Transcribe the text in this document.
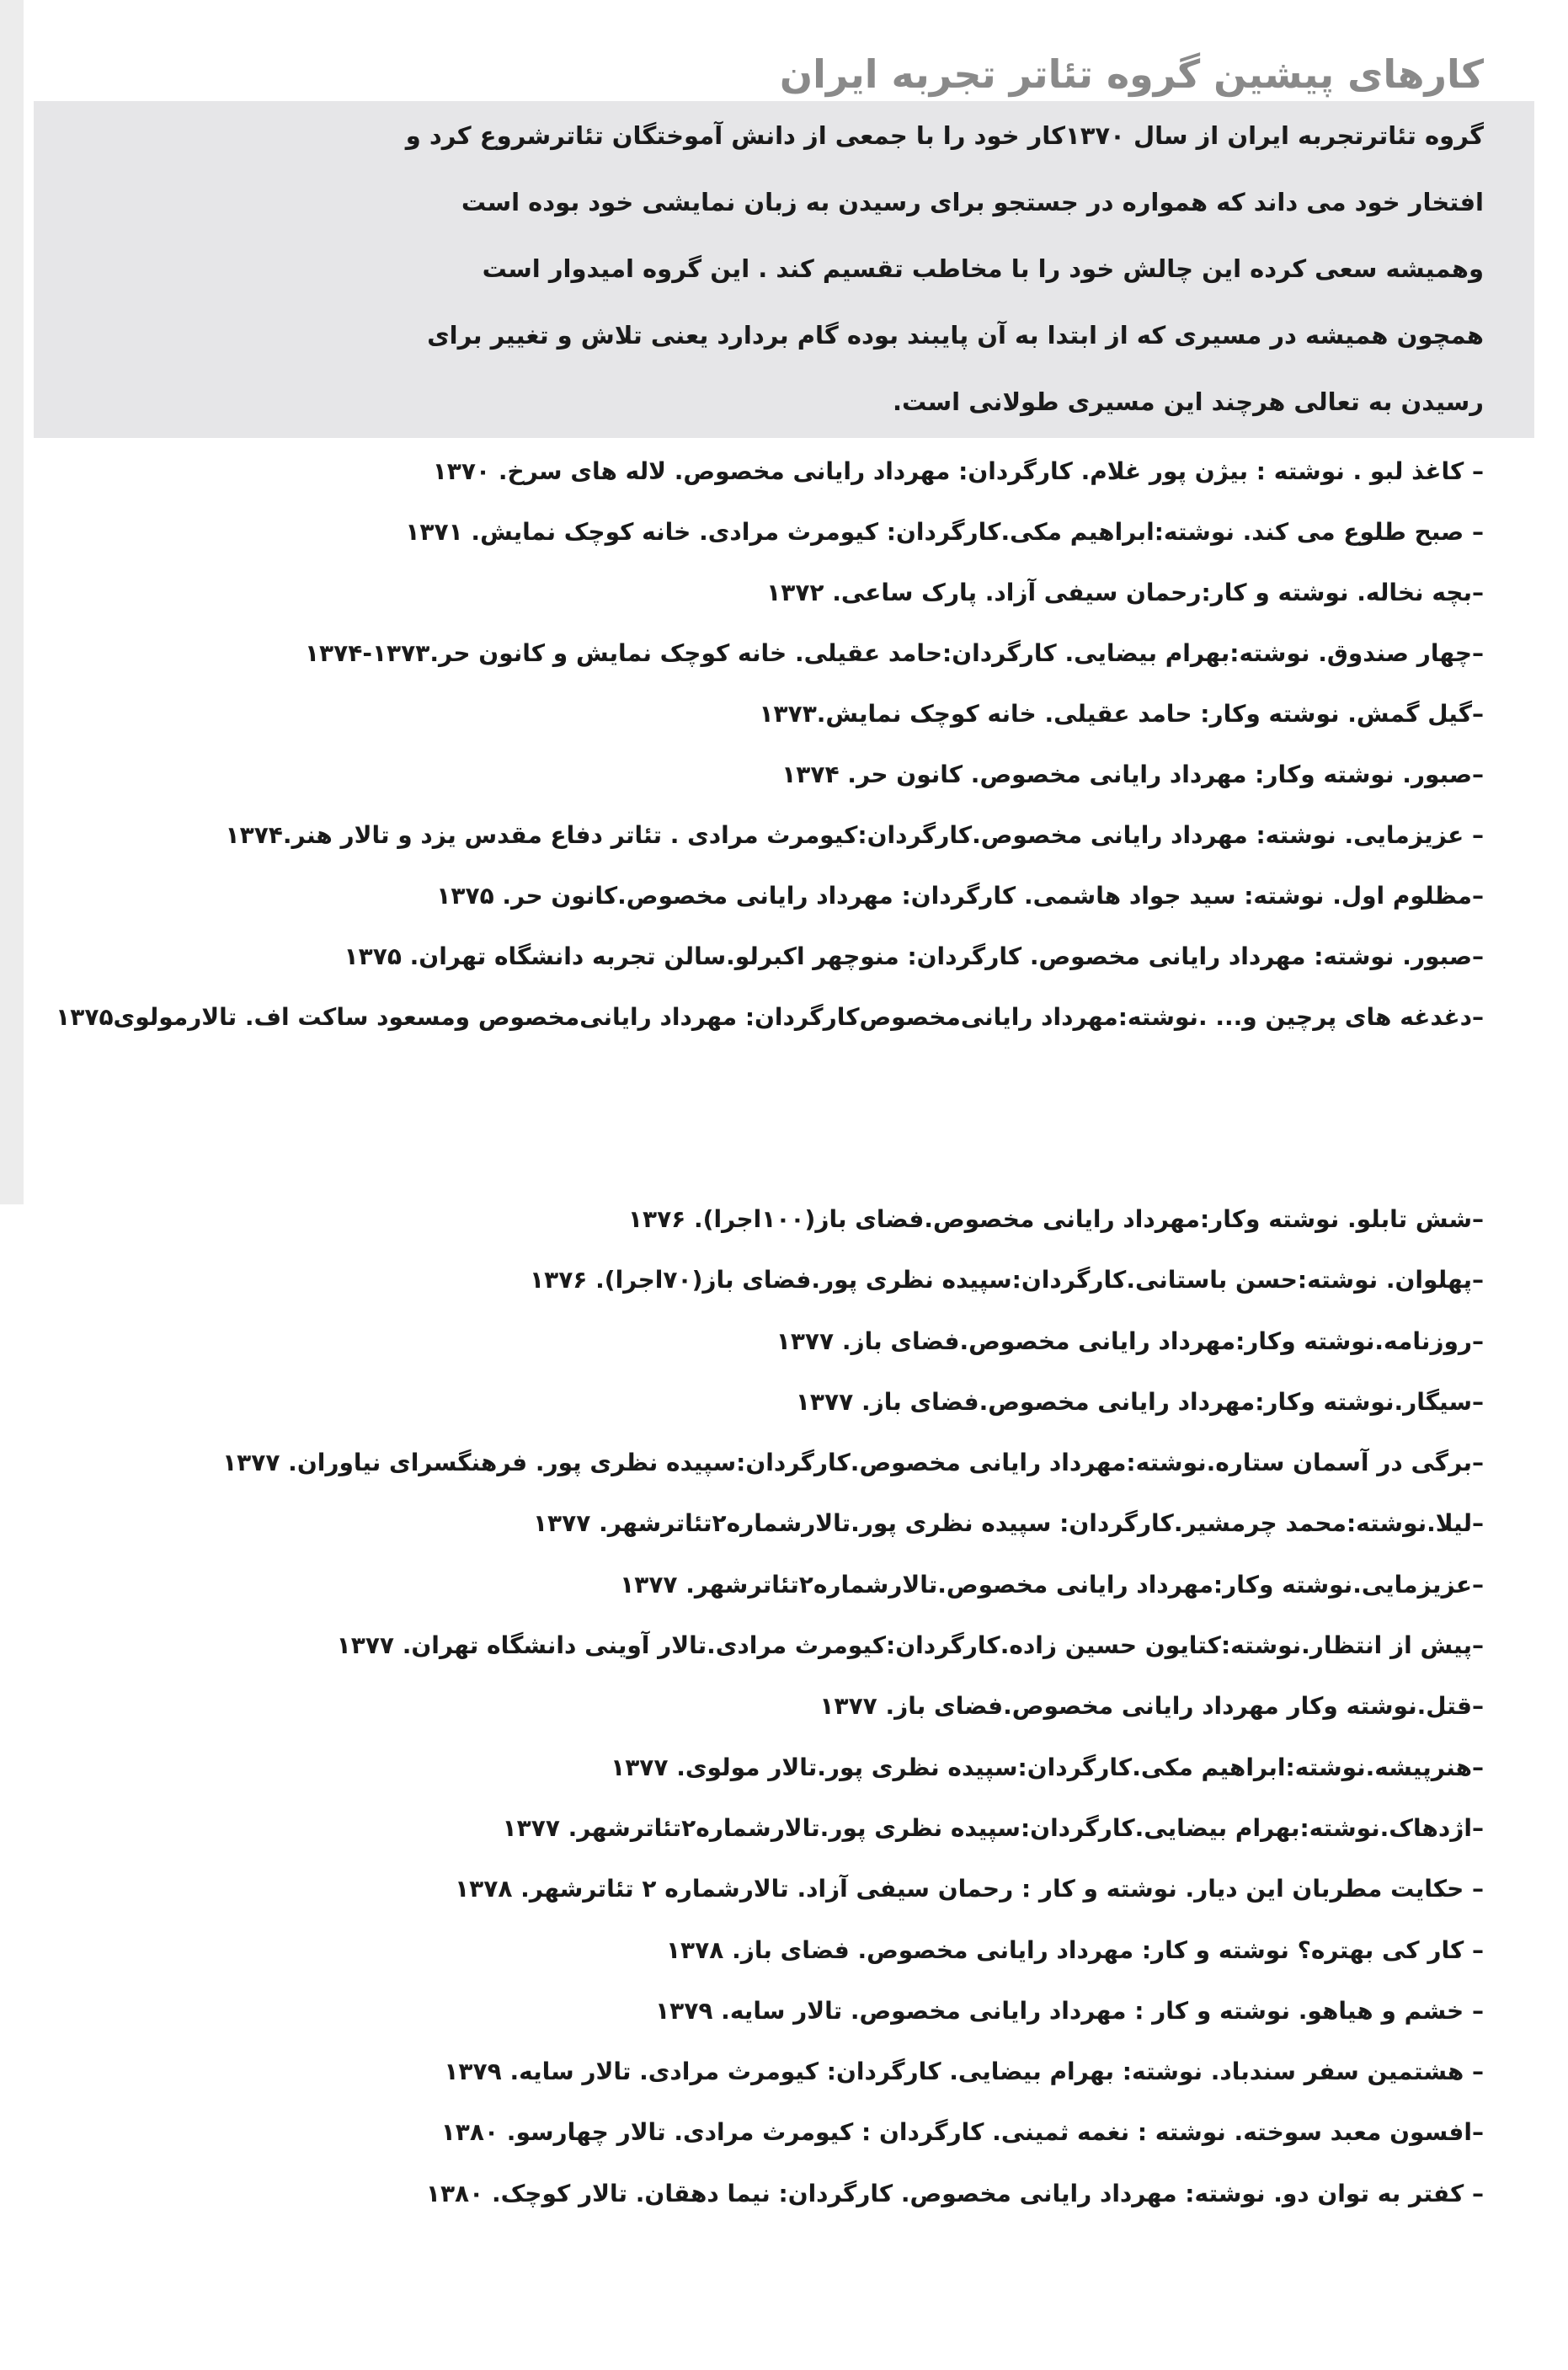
کارهای پیشین گروه تئاتر تجربه ایران

گروه تئاترتجربه ایران از سال ۱۳۷۰کار خود را با جمعی از دانش آموختگان تئاترشروع کرد و

افتخار خود می داند که همواره در جستجو برای رسیدن به زبان نمایشی خود بوده است

وهمیشه سعی کرده این چالش خود را با مخاطب تقسیم کند . این گروه امیدوار است

همچون همیشه در مسیری که از ابتدا به آن پایبند بوده گام بردارد یعنی تلاش و تغییر برای

رسیدن به تعالی هرچند این مسیری طولانی است.

– کاغذ لبو . نوشته : بیژن پور غلام. کارگردان: مهرداد رایانی مخصوص. لاله های سرخ. ۱۳۷۰
– صبح طلوع می کند. نوشته:ابراهیم مکی.کارگردان: کیومرث مرادی. خانه کوچک نمایش. ۱۳۷۱
–بچه نخاله. نوشته و کار:رحمان سیفی آزاد. پارک ساعی. ۱۳۷۲
–چهار صندوق. نوشته:بهرام بیضایی. کارگردان:حامد عقیلی. خانه کوچک نمایش و کانون حر.۱۳۷۳-۱۳۷۴
–گیل گمش. نوشته وکار: حامد عقیلی. خانه کوچک نمایش.۱۳۷۳
–صبور. نوشته وکار: مهرداد رایانی مخصوص. کانون حر. ۱۳۷۴
– عزیزمایی. نوشته: مهرداد رایانی مخصوص.کارگردان:کیومرث مرادی . تئاتر دفاع مقدس یزد و تالار هنر.۱۳۷۴
–مظلوم اول. نوشته: سید جواد هاشمی. کارگردان: مهرداد رایانی مخصوص.کانون حر. ۱۳۷۵
–صبور. نوشته: مهرداد رایانی مخصوص. کارگردان: منوچهر اکبرلو.سالن تجربه دانشگاه تهران. ۱۳۷۵
–دغدغه های پرچین و... .نوشته:مهرداد رایانی‌مخصوص‌کارگردان: مهرداد رایانی‌مخصوص ومسعود ساکت اف. تالارمولوی۱۳۷۵
–شش تابلو. نوشته وکار:مهرداد رایانی مخصوص.فضای باز(۱۰۰اجرا). ۱۳۷۶
–پهلوان. نوشته:حسن باستانی.کارگردان:سپیده نظری پور.فضای باز(۷۰اجرا). ۱۳۷۶
–روزنامه.نوشته وکار:مهرداد رایانی مخصوص.فضای باز. ۱۳۷۷
–سیگار.نوشته وکار:مهرداد رایانی مخصوص.فضای باز. ۱۳۷۷
–برگی در آسمان ستاره.نوشته:مهرداد رایانی مخصوص.کارگردان:سپیده نظری پور. فرهنگسرای نیاوران. ۱۳۷۷
–لیلا.نوشته:محمد چرمشیر.کارگردان: سپیده نظری پور.تالارشماره۲تئاترشهر. ۱۳۷۷
–عزیزمایی.نوشته وکار:مهرداد رایانی مخصوص.تالارشماره۲تئاترشهر. ۱۳۷۷
–پیش از انتظار.نوشته:کتایون حسین زاده.کارگردان:کیومرث مرادی.تالار آوینی دانشگاه تهران. ۱۳۷۷
–قتل.نوشته وکار مهرداد رایانی مخصوص.فضای باز. ۱۳۷۷
–هنرپیشه.نوشته:ابراهیم مکی.کارگردان:سپیده نظری پور.تالار مولوی. ۱۳۷۷
–اژدهاک.نوشته:بهرام بیضایی.کارگردان:سپیده نظری پور.تالارشماره۲تئاترشهر. ۱۳۷۷
– حکایت مطربان این دیار. نوشته و کار : رحمان سیفی آزاد. تالارشماره ۲ تئاترشهر. ۱۳۷۸
– کار کی بهتره؟ نوشته و کار: مهرداد رایانی مخصوص. فضای باز. ۱۳۷۸
– خشم و هیاهو. نوشته و کار : مهرداد رایانی مخصوص. تالار سایه. ۱۳۷۹
– هشتمین سفر سندباد. نوشته: بهرام بیضایی. کارگردان: کیومرث مرادی. تالار سایه. ۱۳۷۹
–افسون معبد سوخته. نوشته : نغمه ثمینی. کارگردان : کیومرث مرادی. تالار چهارسو. ۱۳۸۰
– کفتر به توان دو. نوشته: مهرداد رایانی مخصوص. کارگردان: نیما دهقان. تالار کوچک. ۱۳۸۰
